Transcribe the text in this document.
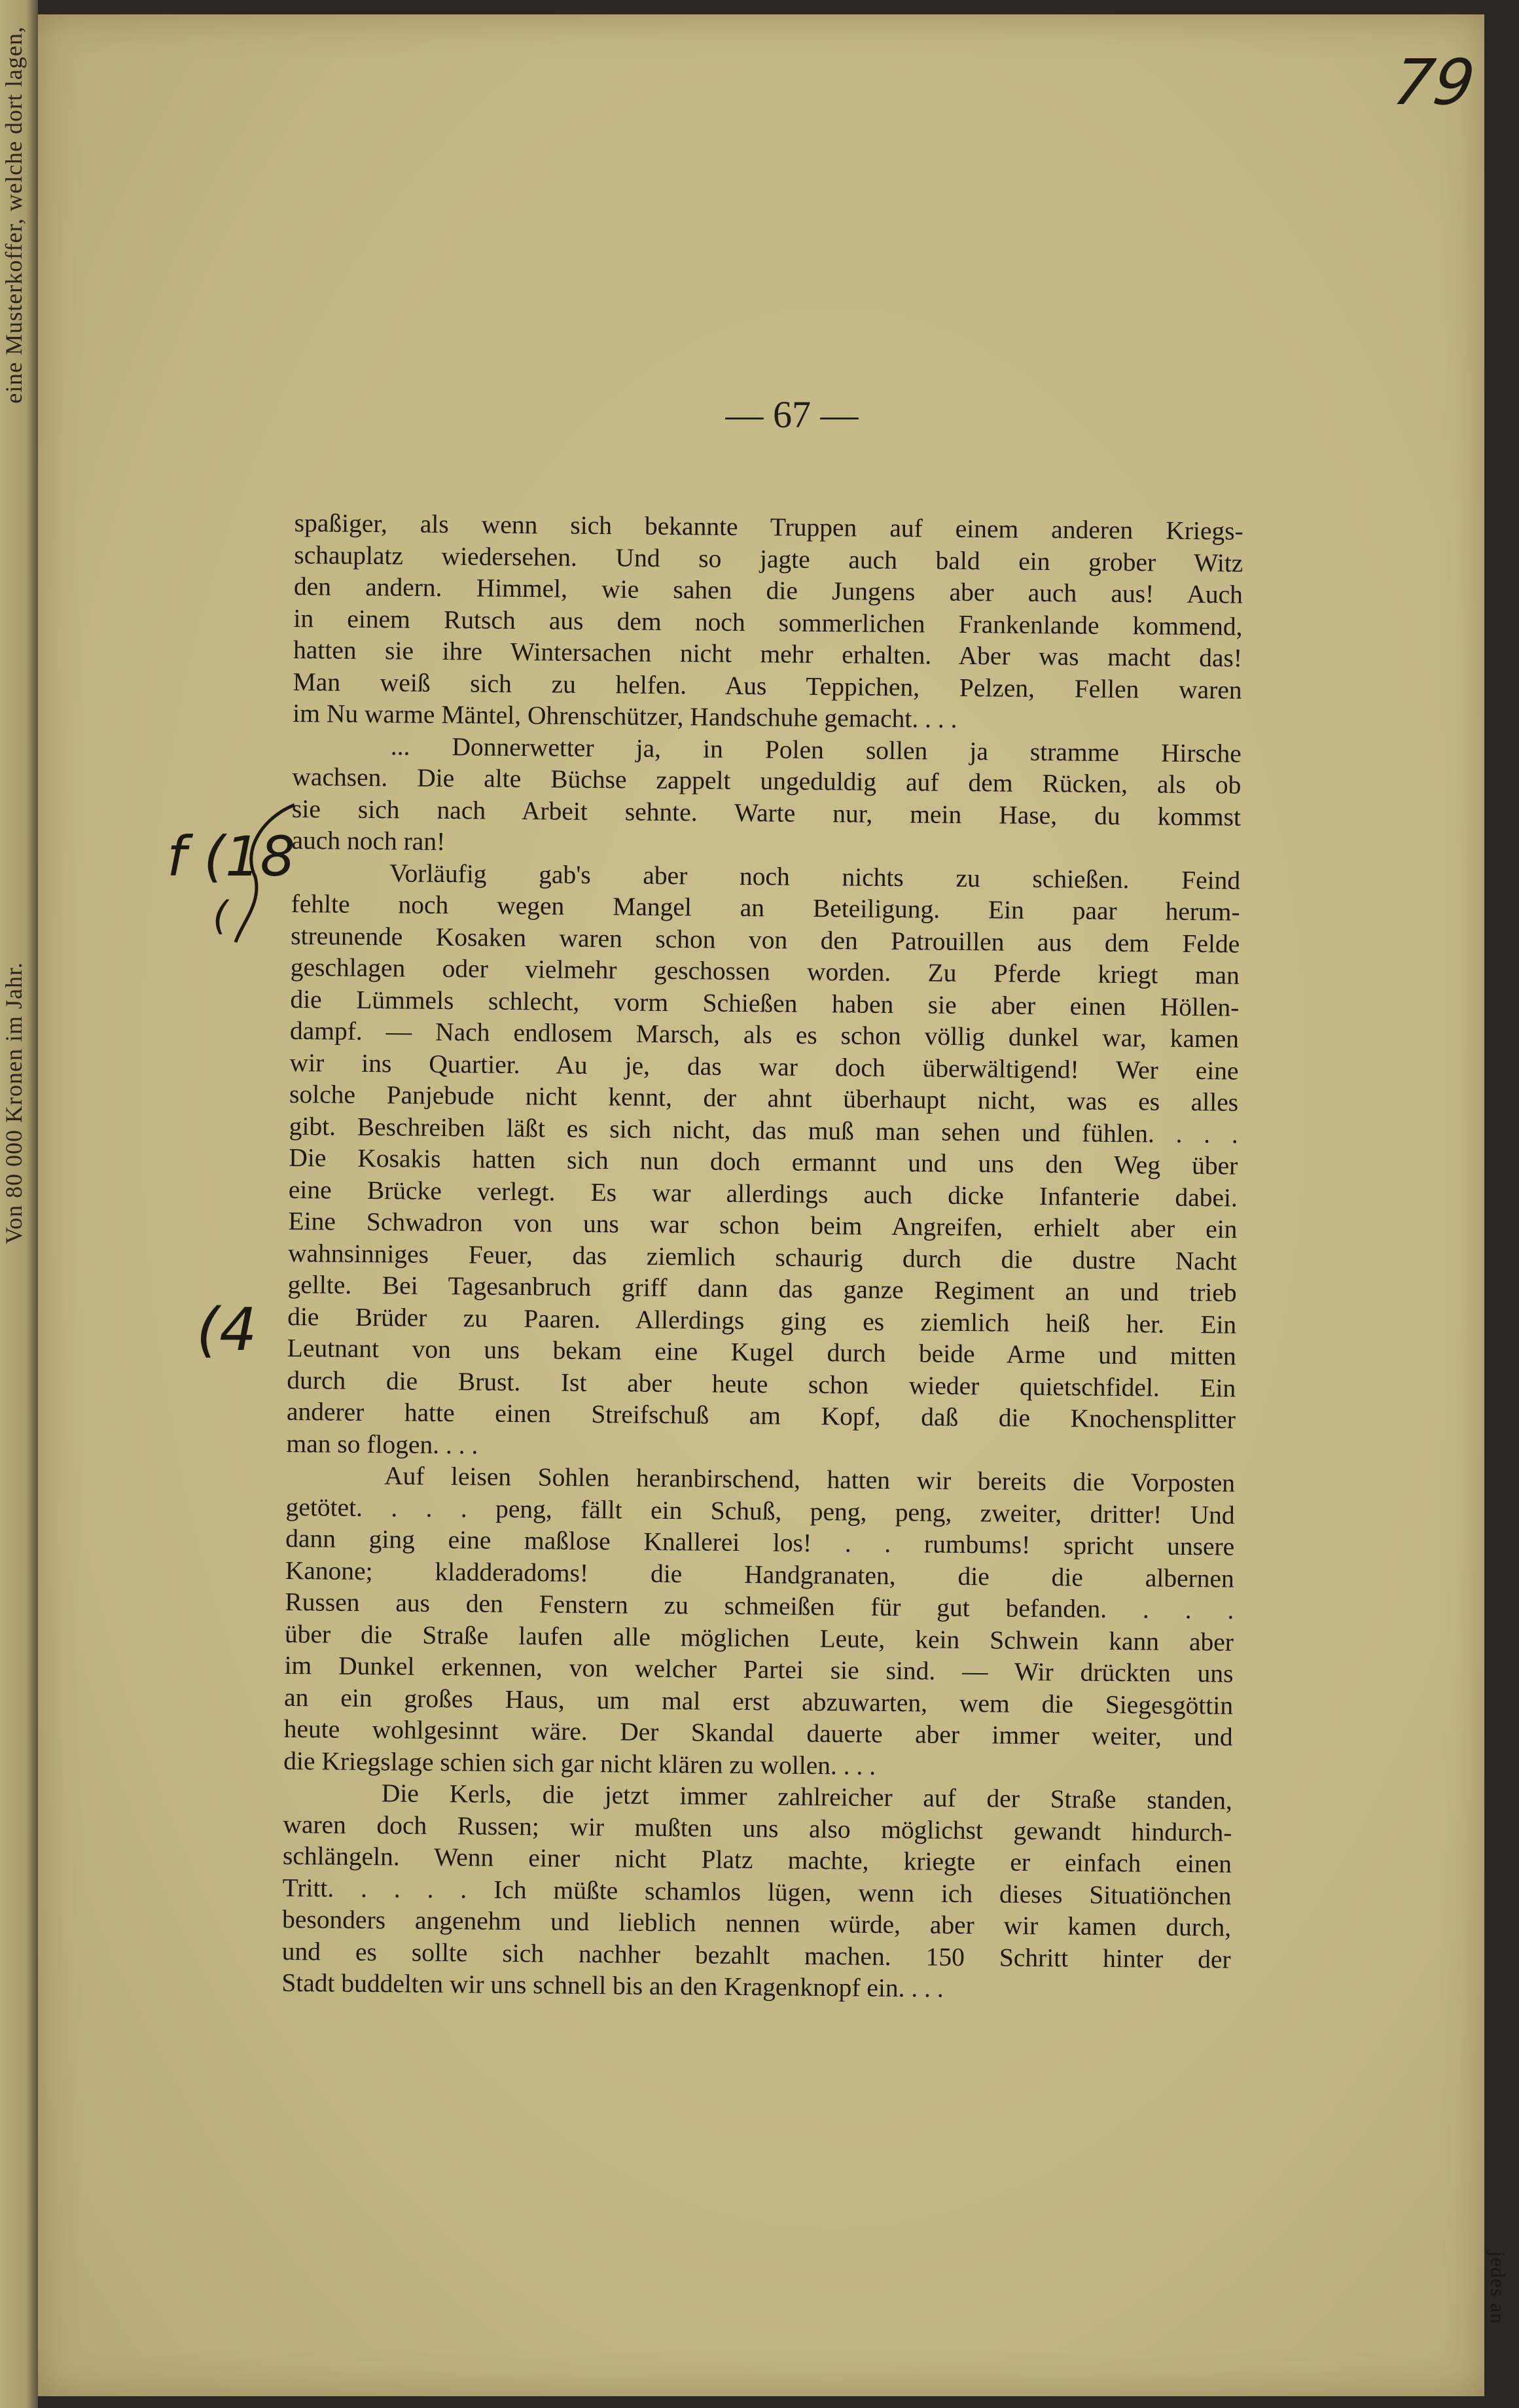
eine Musterkoffer, welche dort lagen,
Von 80 000 Kronen im Jahr.
jedes an
79
— 67 —
f (18
(
(4
spaßiger, als wenn sich bekannte Truppen auf einem anderen Kriegs-
schauplatz wiedersehen. Und so jagte auch bald ein grober Witz
den andern. Himmel, wie sahen die Jungens aber auch aus! Auch
in einem Rutsch aus dem noch sommerlichen Frankenlande kommend,
hatten sie ihre Wintersachen nicht mehr erhalten. Aber was macht das!
Man weiß sich zu helfen. Aus Teppichen, Pelzen, Fellen waren
im Nu warme Mäntel, Ohrenschützer, Handschuhe gemacht. . . .
... Donnerwetter ja, in Polen sollen ja stramme Hirsche
wachsen. Die alte Büchse zappelt ungeduldig auf dem Rücken, als ob
sie sich nach Arbeit sehnte. Warte nur, mein Hase, du kommst
auch noch ran!
Vorläufig gab's aber noch nichts zu schießen. Feind
fehlte noch wegen Mangel an Beteiligung. Ein paar herum-
streunende Kosaken waren schon von den Patrouillen aus dem Felde
geschlagen oder vielmehr geschossen worden. Zu Pferde kriegt man
die Lümmels schlecht, vorm Schießen haben sie aber einen Höllen-
dampf. — Nach endlosem Marsch, als es schon völlig dunkel war, kamen
wir ins Quartier. Au je, das war doch überwältigend! Wer eine
solche Panjebude nicht kennt, der ahnt überhaupt nicht, was es alles
gibt. Beschreiben läßt es sich nicht, das muß man sehen und fühlen. . . .
Die Kosakis hatten sich nun doch ermannt und uns den Weg über
eine Brücke verlegt. Es war allerdings auch dicke Infanterie dabei.
Eine Schwadron von uns war schon beim Angreifen, erhielt aber ein
wahnsinniges Feuer, das ziemlich schaurig durch die dustre Nacht
gellte. Bei Tagesanbruch griff dann das ganze Regiment an und trieb
die Brüder zu Paaren. Allerdings ging es ziemlich heiß her. Ein
Leutnant von uns bekam eine Kugel durch beide Arme und mitten
durch die Brust. Ist aber heute schon wieder quietschfidel. Ein
anderer hatte einen Streifschuß am Kopf, daß die Knochensplitter
man so flogen. . . .
Auf leisen Sohlen heranbirschend, hatten wir bereits die Vorposten
getötet. . . . peng, fällt ein Schuß, peng, peng, zweiter, dritter! Und
dann ging eine maßlose Knallerei los! . . rumbums! spricht unsere
Kanone; kladderadoms! die Handgranaten, die die albernen
Russen aus den Fenstern zu schmeißen für gut befanden. . . .
über die Straße laufen alle möglichen Leute, kein Schwein kann aber
im Dunkel erkennen, von welcher Partei sie sind. — Wir drückten uns
an ein großes Haus, um mal erst abzuwarten, wem die Siegesgöttin
heute wohlgesinnt wäre. Der Skandal dauerte aber immer weiter, und
die Kriegslage schien sich gar nicht klären zu wollen. . . .
Die Kerls, die jetzt immer zahlreicher auf der Straße standen,
waren doch Russen; wir mußten uns also möglichst gewandt hindurch-
schlängeln. Wenn einer nicht Platz machte, kriegte er einfach einen
Tritt. . . . . Ich müßte schamlos lügen, wenn ich dieses Situatiönchen
besonders angenehm und lieblich nennen würde, aber wir kamen durch,
und es sollte sich nachher bezahlt machen. 150 Schritt hinter der
Stadt buddelten wir uns schnell bis an den Kragenknopf ein. . . .
